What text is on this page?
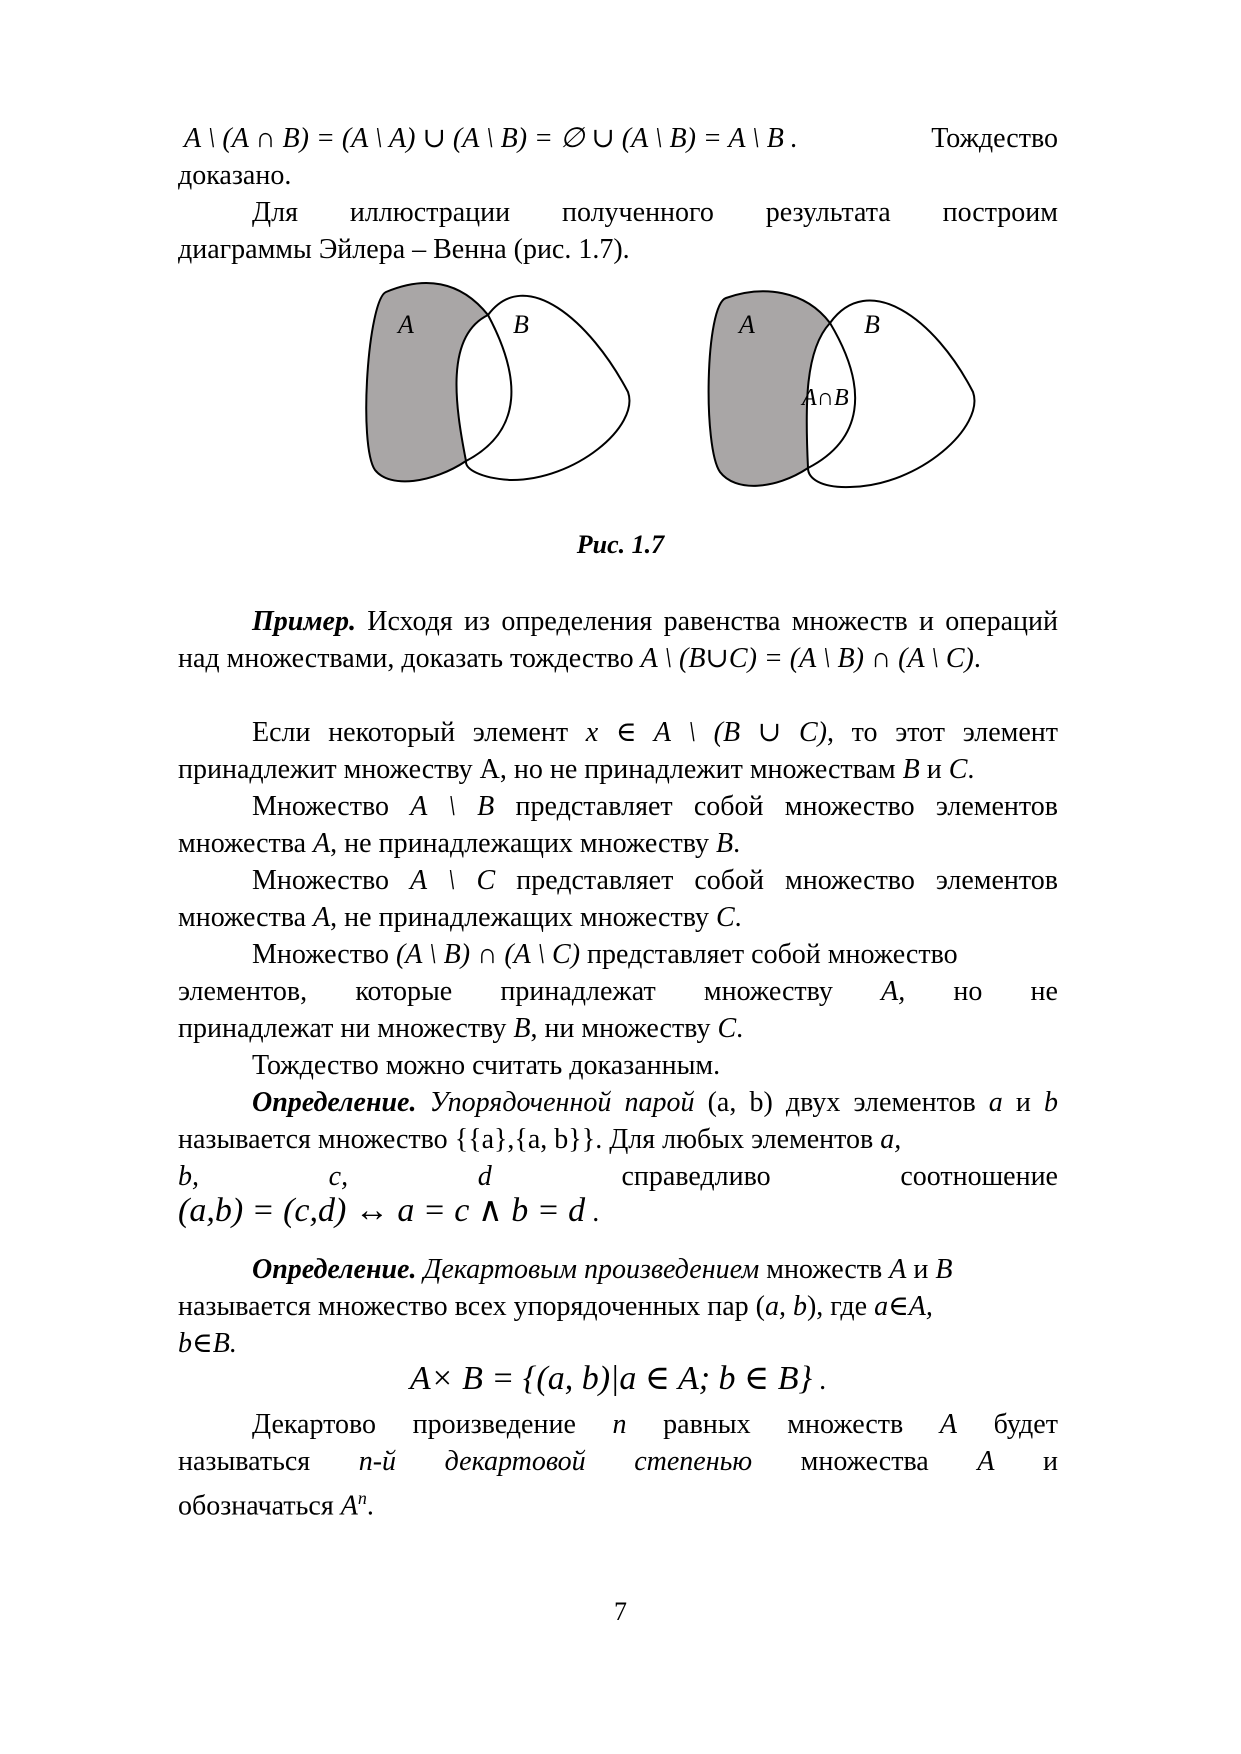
A \ (A ∩ B) = (A \ A) ∪ (A \ B) = ∅ ∪ (A \ B) = A \ B .	Тождество
доказано.
Для иллюстрации полученного результата построим
диаграммы Эйлера – Венна (рис. 1.7).
A	B	A	B
A∩B
Рис. 1.7
Пример. Исходя из определения равенства множеств и операций над множествами, доказать тождество A \ (B∪C) = (A \ B) ∩ (A \ C).
Если некоторый элемент x ∈ A \ (B ∪ C), то этот элемент принадлежит множеству А, но не принадлежит множествам B и C.
Множество A \ B представляет собой множество элементов множества A, не принадлежащих множеству B.
Множество A \ C представляет собой множество элементов множества A, не принадлежащих множеству C.
Множество (A \ B) ∩ (A \ C) представляет собой множество
элементов, которые принадлежат множеству A, но не
принадлежат ни множеству B, ни множеству C.
Тождество можно считать доказанным.
Определение. Упорядоченной парой (a, b) двух элементов a и b называется множество {{a},{a, b}}. Для любых элементов a,
b,	c,	d	справедливо	соотношение
(a,b) = (c,d) ↔ a = c ∧ b = d .
Определение. Декартовым произведением множеств A и B
называется множество всех упорядоченных пар (a, b), где a∈А,
b∈B.
A× B = {(a, b)|a ∈ A; b ∈ B} .
Декартово произведение n равных множеств A будет
называться n-й декартовой степенью множества A и
обозначаться $A^n$.
7
